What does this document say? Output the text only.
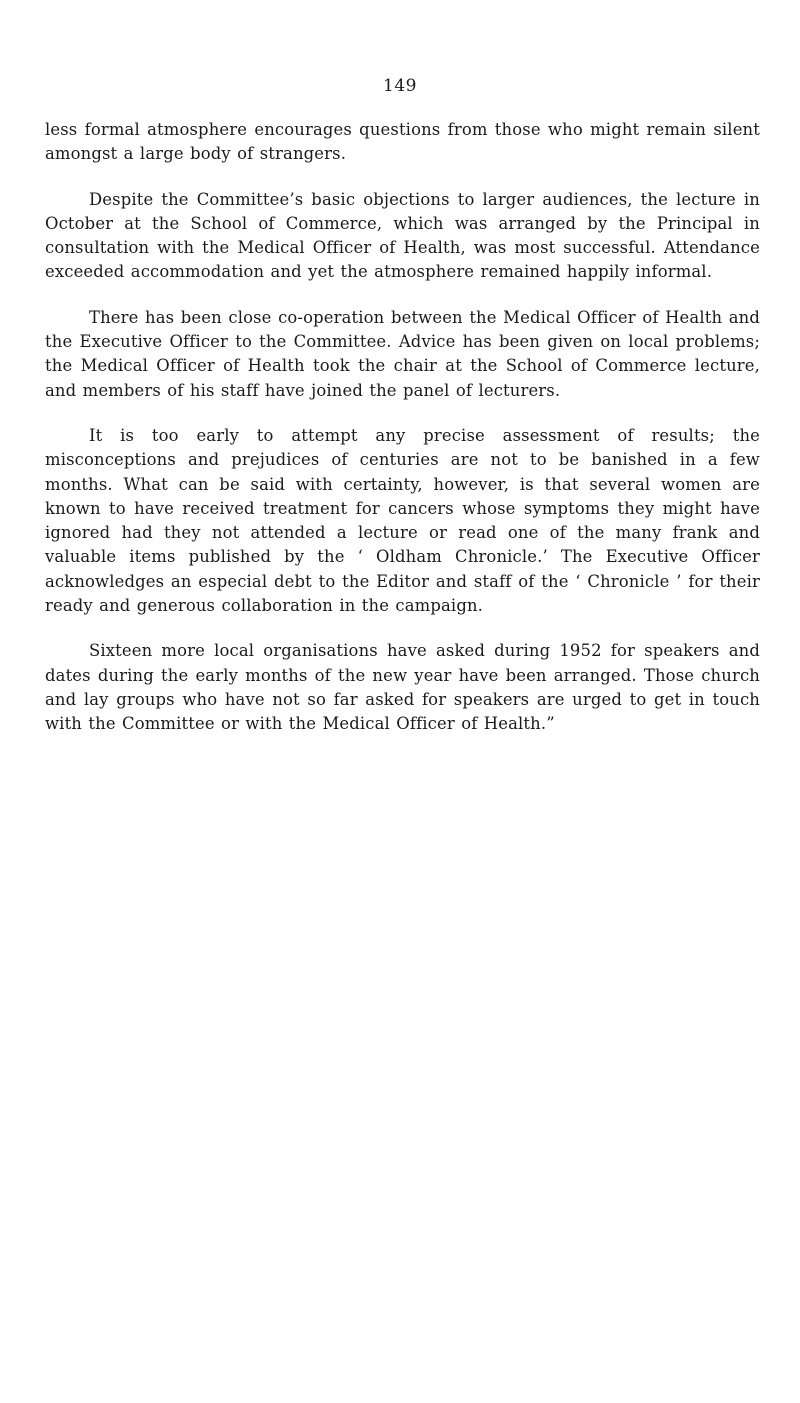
149

less formal atmosphere encourages questions from those who might remain silent amongst a large body of strangers.

Despite the Committee’s basic objections to larger audiences, the lecture in October at the School of Commerce, which was arranged by the Principal in consultation with the Medical Officer of Health, was most successful. Attendance exceeded accommodation and yet the atmosphere remained happily informal.

There has been close co-operation between the Medical Officer of Health and the Executive Officer to the Committee. Advice has been given on local problems; the Medical Officer of Health took the chair at the School of Commerce lecture, and members of his staff have joined the panel of lecturers.

It is too early to attempt any precise assessment of results; the misconceptions and prejudices of centuries are not to be banished in a few months. What can be said with certainty, however, is that several women are known to have received treatment for cancers whose symptoms they might have ignored had they not attended a lecture or read one of the many frank and valuable items published by the ‘ Oldham Chronicle.’ The Executive Officer acknowledges an especial debt to the Editor and staff of the ‘ Chronicle ’ for their ready and generous collaboration in the campaign.

Sixteen more local organisations have asked during 1952 for speakers and dates during the early months of the new year have been arranged. Those church and lay groups who have not so far asked for speakers are urged to get in touch with the Committee or with the Medical Officer of Health.”
